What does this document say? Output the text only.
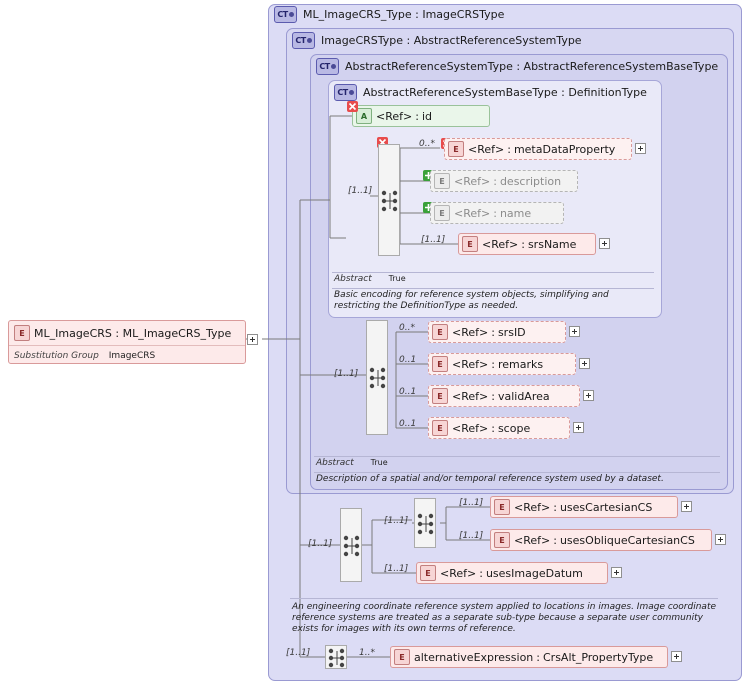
CT	ML_ImageCRS_Type : ImageCRSType
CT	ImageCRSType : AbstractReferenceSystemType
CT	AbstractReferenceSystemType : AbstractReferenceSystemBaseType
CT	AbstractReferenceSystemBaseType : DefinitionType
E ML_ImageCRS : ML_ImageCRS_Type
Substitution Group ImageCRS
A <Ref> : id
[1..1]
0..*	E <Ref> : metaDataProperty
E <Ref> : description
E <Ref> : name
[1..1]	E <Ref> : srsName
Abstract True
Basic encoding for reference system objects, simplifying and restricting the DefinitionType as needed.
[1..1]
0..*	E <Ref> : srsID
0..1	E <Ref> : remarks
0..1	E <Ref> : validArea
0..1	E <Ref> : scope
Abstract True
Description of a spatial and/or temporal reference system used by a dataset.
[1..1]
[1..1]
[1..1]	E <Ref> : usesCartesianCS
[1..1]	E <Ref> : usesObliqueCartesianCS
[1..1]	E <Ref> : usesImageDatum
An engineering coordinate reference system applied to locations in images. Image coordinate reference systems are treated as a separate sub-type because a separate user community exists for images with its own terms of reference.
[1..1]	1..*	E alternativeExpression : CrsAlt_PropertyType
